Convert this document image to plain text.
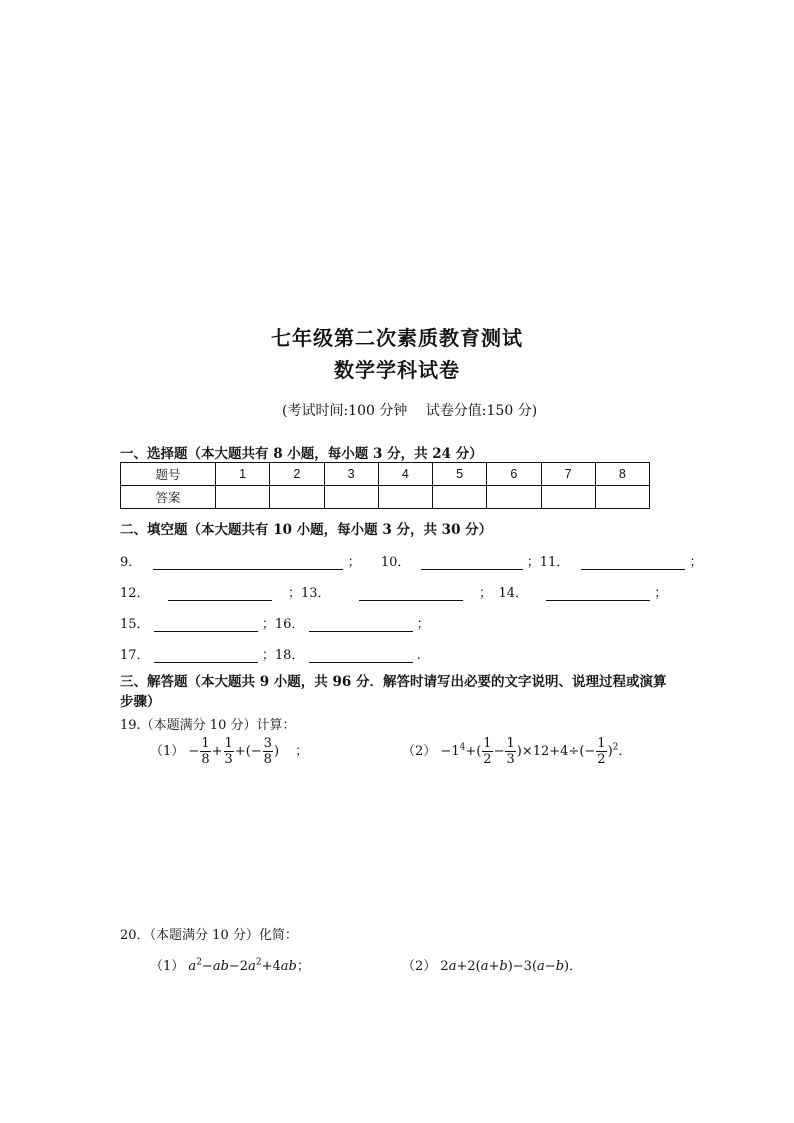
七年级第二次素质教育测试
数学学科试卷
(考试时间:100 分钟　 试卷分值:150 分)
一、选择题（本大题共有 8 小题，每小题 3 分，共 24 分）
题号	1	2	3	4	5	6	7	8
答案								
二、填空题（本大题共有 10 小题，每小题 3 分，共 30 分）
9．	； 10．	；11．	；
12．	；13．	；　14．	；
15．	；16．	；
17．	；18．	.
三、解答题（本大题共 9 小题，共 96 分．解答时请写出必要的文字说明、说理过程或演算
步骤）
19.（本题满分 10 分）计算：
$(1) - \frac{1}{8} + \frac{1}{3}$ +(− $\frac{3}{8}$ ) ；	$(2) -1^4+( \frac{1}{2} - \frac{1}{3} )\times 12+4\div(- \frac{1}{2} )^2$．
20．（本题满分 10 分）化简：
（1） $a^2-ab-2a^2+4ab$；	（2） 2a+2(a+b)−3(a−b)．
